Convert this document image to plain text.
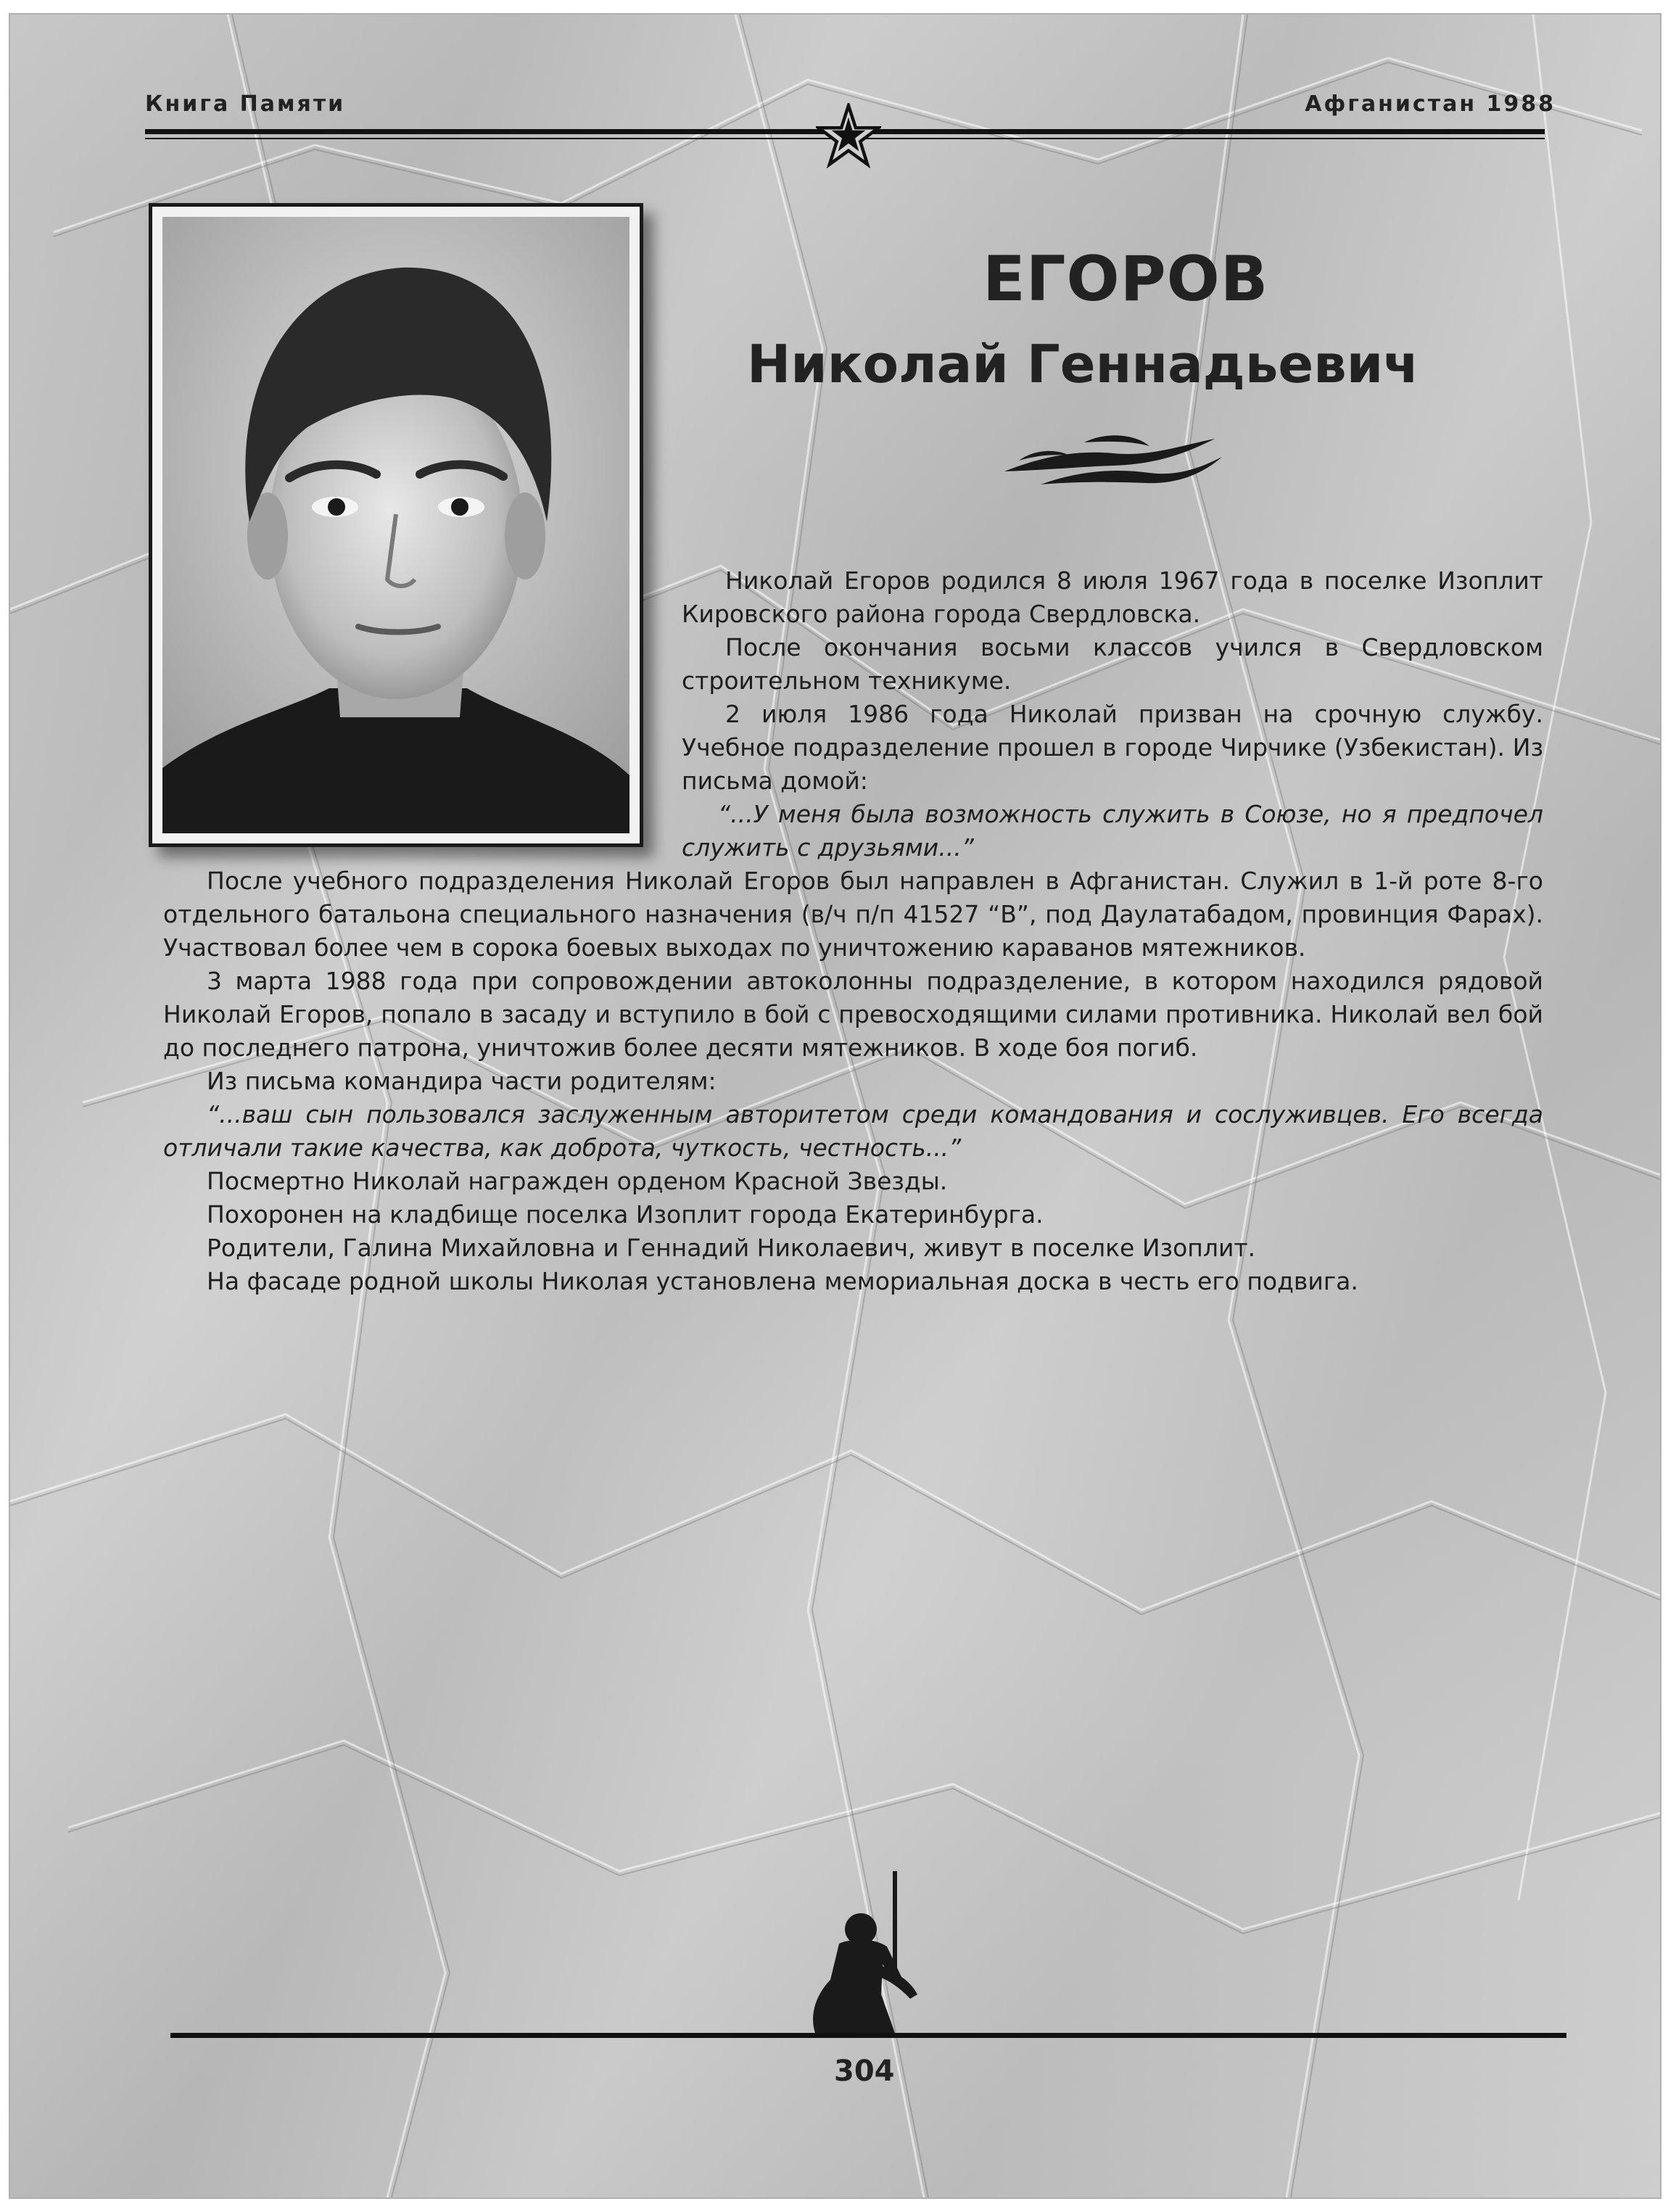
Книга Памяти	Афганистан 1988
ЕГОРОВ
Николай Геннадьевич

Николай Егоров родился 8 июля 1967 года в поселке Изоплит Кировского района города Свердловска.

После окончания восьми классов учился в Свердловском строительном техникуме.

2 июля 1986 года Николай призван на срочную службу. Учебное подразделение прошел в городе Чирчике (Узбекистан). Из письма домой:

“...У меня была возможность служить в Союзе, но я предпочел служить с друзьями...”

После учебного подразделения Николай Егоров был направлен в Афганистан. Служил в 1-й роте 8-го отдельного батальона специального назначения (в/ч п/п 41527 “В”, под Даулатабадом, провинция Фарах). Участвовал более чем в сорока боевых выходах по уничтожению караванов мятежников.

3 марта 1988 года при сопровождении автоколонны подразделение, в котором находился рядовой Николай Егоров, попало в засаду и вступило в бой с превосходящими силами противника. Николай вел бой до последнего патрона, уничтожив более десяти мятежников. В ходе боя погиб.

Из письма командира части родителям:

“...ваш сын пользовался заслуженным авторитетом среди командования и сослуживцев. Его всегда отличали такие качества, как доброта, чуткость, честность...”

Посмертно Николай награжден орденом Красной Звезды.

Похоронен на кладбище поселка Изоплит города Екатеринбурга.

Родители, Галина Михайловна и Геннадий Николаевич, живут в поселке Изоплит.

На фасаде родной школы Николая установлена мемориальная доска в честь его подвига.

304
